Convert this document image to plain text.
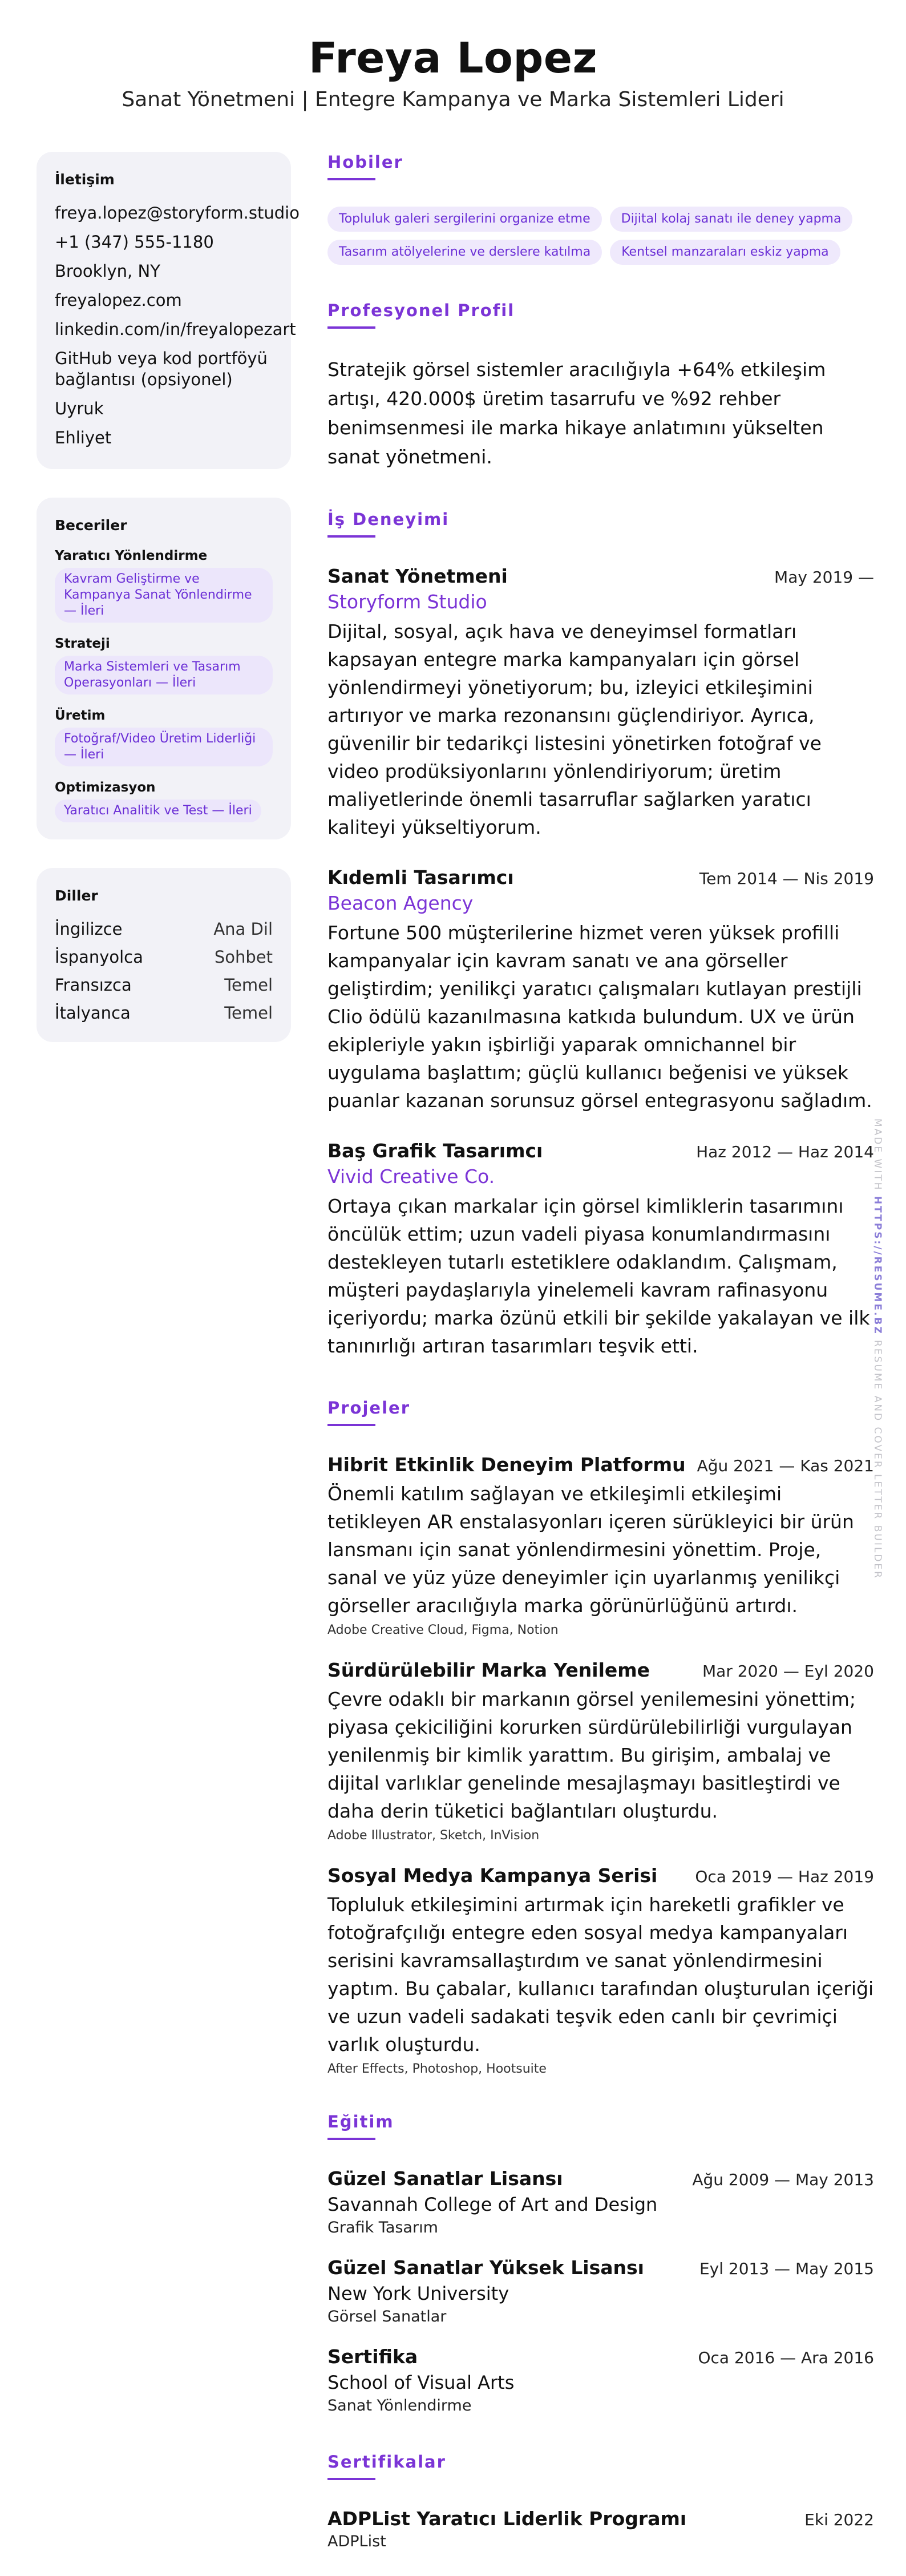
Freya Lopez
Sanat Yönetmeni | Entegre Kampanya ve Marka Sistemleri Lideri
İletişim
freya.lopez@storyform.studio
+1 (347) 555-1180
Brooklyn, NY
freyalopez.com
linkedin.com/in/freyalopezart
GitHub veya kod portföyü bağlantısı (opsiyonel)
Uyruk
Ehliyet
Beceriler
Yaratıcı Yönlendirme
Kavram Geliştirme ve Kampanya Sanat Yönlendirme — İleri
Strateji
Marka Sistemleri ve Tasarım Operasyonları — İleri
Üretim
Fotoğraf/Video Üretim Liderliği — İleri
Optimizasyon
Yaratıcı Analitik ve Test — İleri
Diller
İngilizce	Ana Dil
İspanyolca	Sohbet
Fransızca	Temel
İtalyanca	Temel
Hobiler
Topluluk galeri sergilerini organize etme	Dijital kolaj sanatı ile deney yapma
Tasarım atölyelerine ve derslere katılma	Kentsel manzaraları eskiz yapma
Profesyonel Profil

Stratejik görsel sistemler aracılığıyla +64% etkileşim artışı, 420.000$ üretim tasarrufu ve %92 rehber benimsenmesi ile marka hikaye anlatımını yükselten sanat yönetmeni.

İş Deneyimi
Sanat Yönetmeni	May 2019 —
Storyform Studio
Dijital, sosyal, açık hava ve deneyimsel formatları kapsayan entegre marka kampanyaları için görsel yönlendirmeyi yönetiyorum; bu, izleyici etkileşimini artırıyor ve marka rezonansını güçlendiriyor. Ayrıca, güvenilir bir tedarikçi listesini yönetirken fotoğraf ve video prodüksiyonlarını yönlendiriyorum; üretim maliyetlerinde önemli tasarruflar sağlarken yaratıcı kaliteyi yükseltiyorum.
Kıdemli Tasarımcı	Tem 2014 — Nis 2019
Beacon Agency
Fortune 500 müşterilerine hizmet veren yüksek profilli kampanyalar için kavram sanatı ve ana görseller geliştirdim; yenilikçi yaratıcı çalışmaları kutlayan prestijli Clio ödülü kazanılmasına katkıda bulundum. UX ve ürün ekipleriyle yakın işbirliği yaparak omnichannel bir uygulama başlattım; güçlü kullanıcı beğenisi ve yüksek puanlar kazanan sorunsuz görsel entegrasyonu sağladım.
Baş Grafik Tasarımcı	Haz 2012 — Haz 2014
Vivid Creative Co.
Ortaya çıkan markalar için görsel kimliklerin tasarımını öncülük ettim; uzun vadeli piyasa konumlandırmasını destekleyen tutarlı estetiklere odaklandım. Çalışmam, müşteri paydaşlarıyla yinelemeli kavram rafinasyonu içeriyordu; marka özünü etkili bir şekilde yakalayan ve ilk tanınırlığı artıran tasarımları teşvik etti.
Projeler
Hibrit Etkinlik Deneyim Platformu Ağu 2021 — Kas 2021
Önemli katılım sağlayan ve etkileşimli etkileşimi tetikleyen AR enstalasyonları içeren sürükleyici bir ürün lansmanı için sanat yönlendirmesini yönettim. Proje, sanal ve yüz yüze deneyimler için uyarlanmış yenilikçi görseller aracılığıyla marka görünürlüğünü artırdı.
Adobe Creative Cloud, Figma, Notion
Sürdürülebilir Marka Yenileme	Mar 2020 — Eyl 2020
Çevre odaklı bir markanın görsel yenilemesini yönettim; piyasa çekiciliğini korurken sürdürülebilirliği vurgulayan yenilenmiş bir kimlik yarattım. Bu girişim, ambalaj ve dijital varlıklar genelinde mesajlaşmayı basitleştirdi ve daha derin tüketici bağlantıları oluşturdu.
Adobe Illustrator, Sketch, InVision
Sosyal Medya Kampanya Serisi Oca 2019 — Haz 2019
Topluluk etkileşimini artırmak için hareketli grafikler ve fotoğrafçılığı entegre eden sosyal medya kampanyaları serisini kavramsallaştırdım ve sanat yönlendirmesini yaptım. Bu çabalar, kullanıcı tarafından oluşturulan içeriği ve uzun vadeli sadakati teşvik eden canlı bir çevrimiçi varlık oluşturdu.
After Effects, Photoshop, Hootsuite
Eğitim
Güzel Sanatlar Lisansı	Ağu 2009 — May 2013
Savannah College of Art and Design
Grafik Tasarım
Güzel Sanatlar Yüksek Lisansı	Eyl 2013 — May 2015
New York University
Görsel Sanatlar
Sertifika	Oca 2016 — Ara 2016
School of Visual Arts
Sanat Yönlendirme
Sertifikalar
ADPList Yaratıcı Liderlik Programı	Eki 2022
ADPList
MADE WITH HTTPS://RESUME.BZ RESUME AND COVER LETTER BUILDER
